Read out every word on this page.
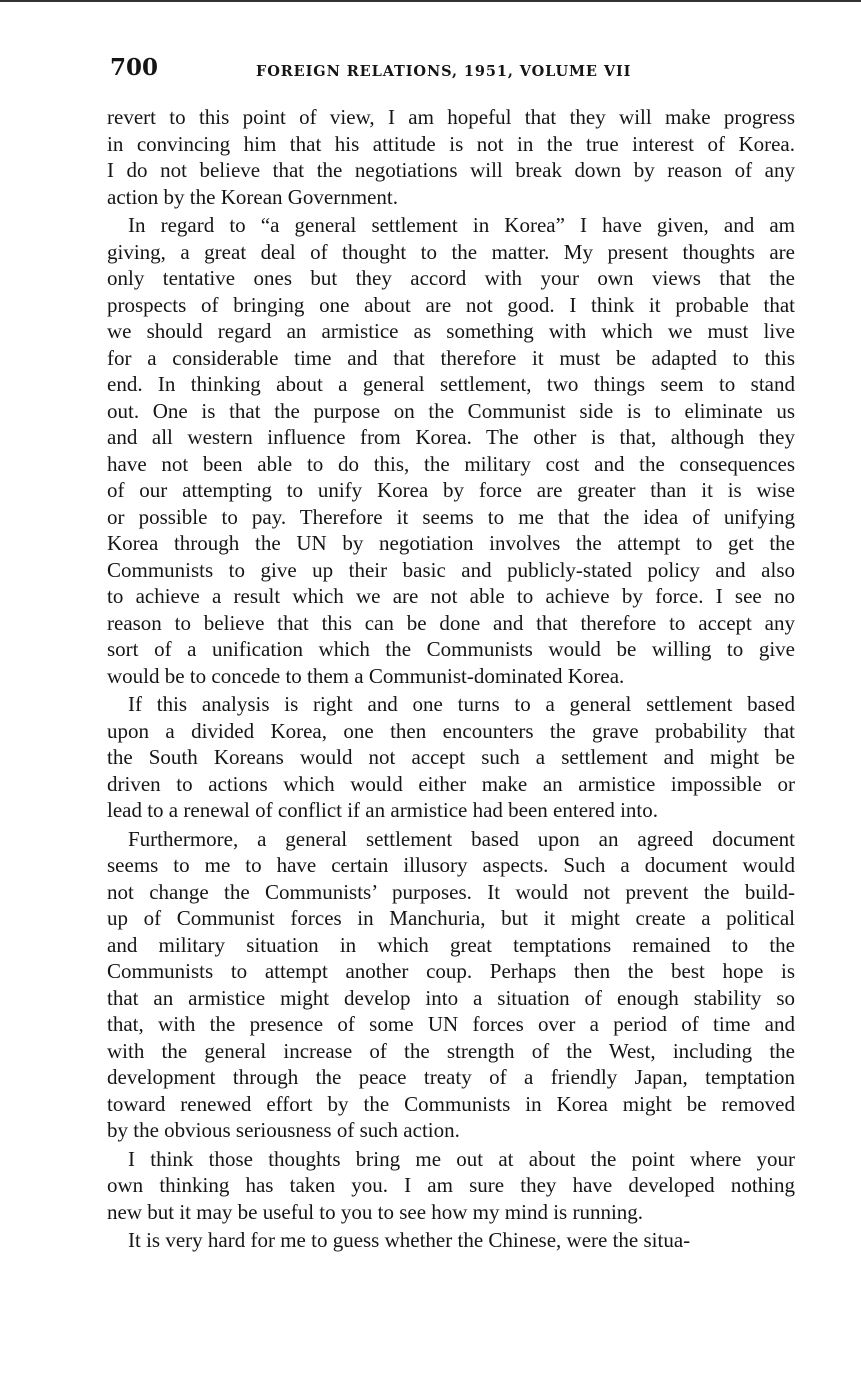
700	FOREIGN RELATIONS, 1951, VOLUME VII
revert to this point of view, I am hopeful that they will make progress
in convincing him that his attitude is not in the true interest of Korea.
I do not believe that the negotiations will break down by reason of any
action by the Korean Government.
In regard to “a general settlement in Korea” I have given, and am
giving, a great deal of thought to the matter. My present thoughts are
only tentative ones but they accord with your own views that the
prospects of bringing one about are not good. I think it probable that
we should regard an armistice as something with which we must live
for a considerable time and that therefore it must be adapted to this
end. In thinking about a general settlement, two things seem to stand
out. One is that the purpose on the Communist side is to eliminate us
and all western influence from Korea. The other is that, although they
have not been able to do this, the military cost and the consequences
of our attempting to unify Korea by force are greater than it is wise
or possible to pay. Therefore it seems to me that the idea of unifying
Korea through the UN by negotiation involves the attempt to get the
Communists to give up their basic and publicly-stated policy and also
to achieve a result which we are not able to achieve by force. I see no
reason to believe that this can be done and that therefore to accept any
sort of a unification which the Communists would be willing to give
would be to concede to them a Communist-dominated Korea.
If this analysis is right and one turns to a general settlement based
upon a divided Korea, one then encounters the grave probability that
the South Koreans would not accept such a settlement and might be
driven to actions which would either make an armistice impossible or
lead to a renewal of conflict if an armistice had been entered into.
Furthermore, a general settlement based upon an agreed document
seems to me to have certain illusory aspects. Such a document would
not change the Communists’ purposes. It would not prevent the build-
up of Communist forces in Manchuria, but it might create a political
and military situation in which great temptations remained to the
Communists to attempt another coup. Perhaps then the best hope is
that an armistice might develop into a situation of enough stability so
that, with the presence of some UN forces over a period of time and
with the general increase of the strength of the West, including the
development through the peace treaty of a friendly Japan, temptation
toward renewed effort by the Communists in Korea might be removed
by the obvious seriousness of such action.
I think those thoughts bring me out at about the point where your
own thinking has taken you. I am sure they have developed nothing
new but it may be useful to you to see how my mind is running.
It is very hard for me to guess whether the Chinese, were the situa-
